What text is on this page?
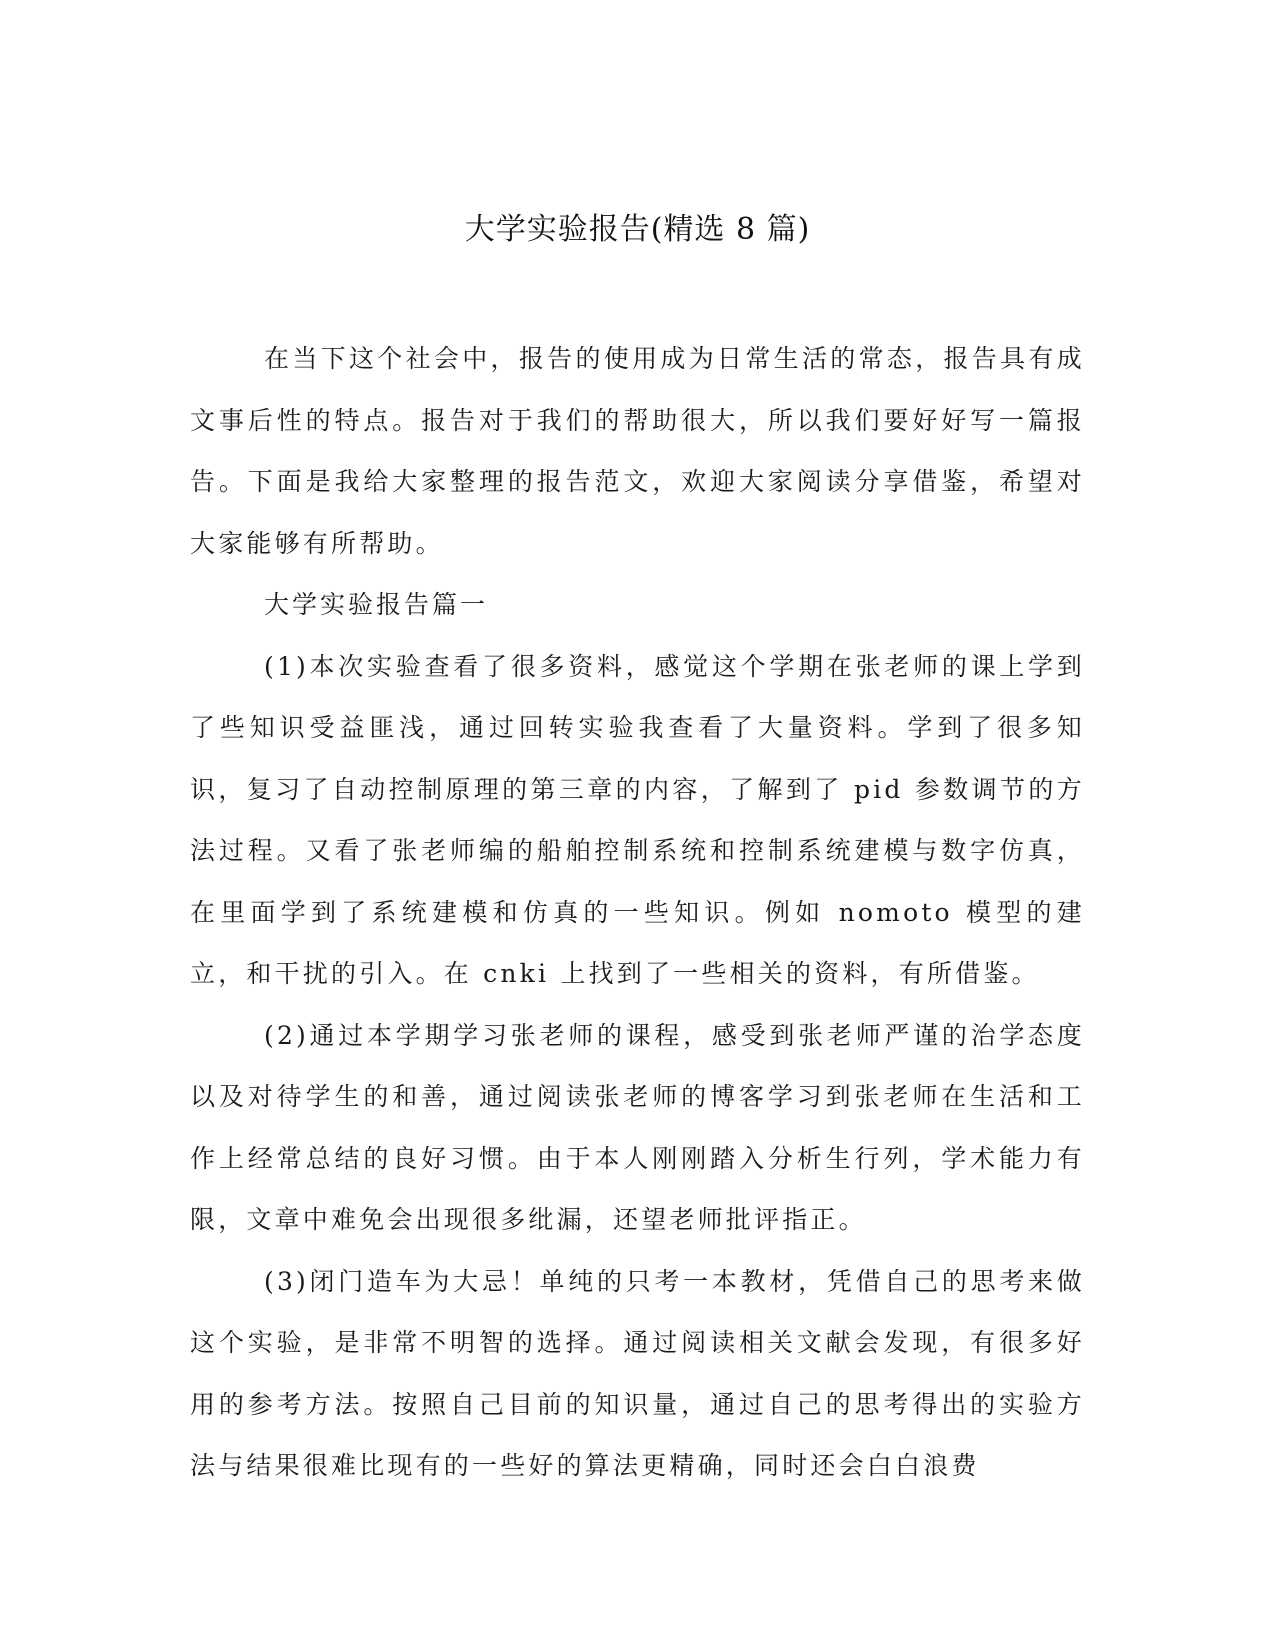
大学实验报告(精选 8 篇)

在当下这个社会中，报告的使用成为日常生活的常态，报告具有成文事后性的特点。报告对于我们的帮助很大，所以我们要好好写一篇报告。下面是我给大家整理的报告范文，欢迎大家阅读分享借鉴，希望对大家能够有所帮助。

大学实验报告篇一

(1)本次实验查看了很多资料，感觉这个学期在张老师的课上学到了些知识受益匪浅，通过回转实验我查看了大量资料。学到了很多知识，复习了自动控制原理的第三章的内容，了解到了 pid 参数调节的方法过程。又看了张老师编的船舶控制系统和控制系统建模与数字仿真，在里面学到了系统建模和仿真的一些知识。例如 nomoto 模型的建立，和干扰的引入。在 cnki 上找到了一些相关的资料，有所借鉴。

(2)通过本学期学习张老师的课程，感受到张老师严谨的治学态度以及对待学生的和善，通过阅读张老师的博客学习到张老师在生活和工作上经常总结的良好习惯。由于本人刚刚踏入分析生行列，学术能力有限，文章中难免会出现很多纰漏，还望老师批评指正。

(3)闭门造车为大忌！单纯的只考一本教材，凭借自己的思考来做这个实验，是非常不明智的选择。通过阅读相关文献会发现，有很多好用的参考方法。按照自己目前的知识量，通过自己的思考得出的实验方法与结果很难比现有的一些好的算法更精确，同时还会白白浪费
